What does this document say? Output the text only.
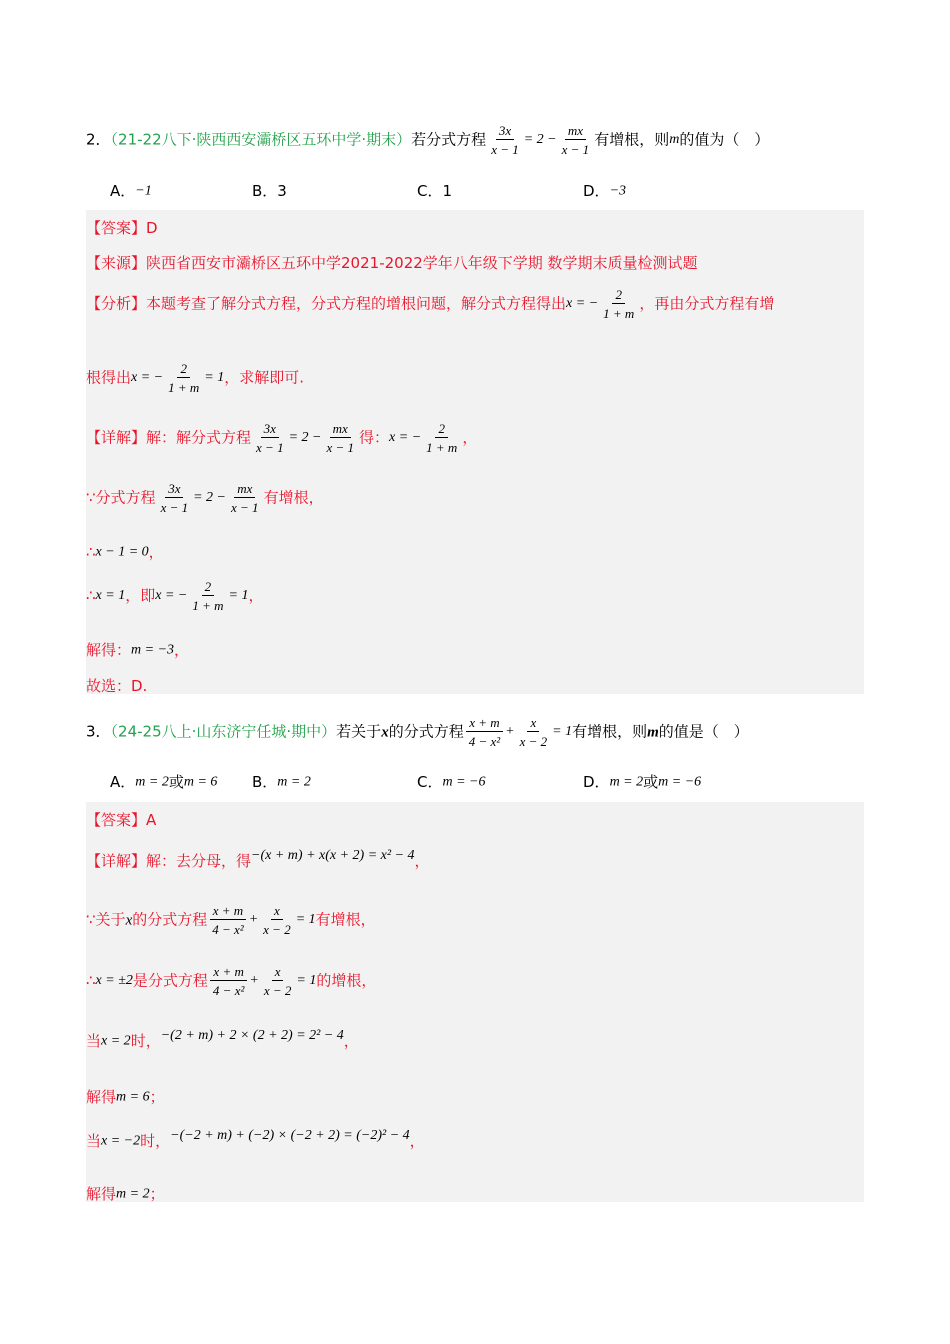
2．（21-22八下·陕西西安灞桥区五环中学·期末）若分式方程 $\frac{3x}{x - 1} = 2 - \frac{mx}{x - 1}$ 有增根，则m的值为（　）
A．−1	B．3	C．1	D．−3
【答案】D
【来源】陕西省西安市灞桥区五环中学2021-2022学年八年级下学期 数学期末质量检测试题
【分析】本题考查了解分式方程，分式方程的增根问题，解分式方程得出x = − $\frac{2}{1 + m}$ ，再由分式方程有增
根得出x = − $\frac{2}{1 + m} = 1$，求解即可.
【详解】解：解分式方程 $\frac{3x}{x - 1} = 2 - \frac{mx}{x - 1}$ 得：x = − $\frac{2}{1 + m}$ ，
∵分式方程 $\frac{3x}{x - 1} = 2 - \frac{mx}{x - 1}$ 有增根，
∴x − 1 = 0，
∴x = 1，即x = − $\frac{2}{1 + m} = 1$，
解得：m = −3，
故选：D.
3．（24-25八上·山东济宁任城·期中）若关于x的分式方程 $\frac{x + m}{\text{4 − x²}} + \frac{x}{x - 2} = 1$有增根，则m的值是（　）
A．m = 2或m = 6 B．m = 2	C．m = −6	D．m = 2或m = −6
【答案】A
【详解】解：去分母，得−(x + m) + x(x + 2) = x² − 4，
∵关于x的分式方程 $\frac{x + m}{\text{4 − x²}} + \frac{x}{x - 2} = 1$有增根，
∴x = ±2是分式方程 $\frac{x + m}{\text{4 − x²}} + \frac{x}{x - 2} = 1$的增根，
当x = 2时，−(2 + m) + 2 × (2 + 2) = 2² − 4，
解得m = 6；
当x = −2时，−(−2 + m) + (−2) × (−2 + 2) = (−2)² − 4，
解得m = 2；
